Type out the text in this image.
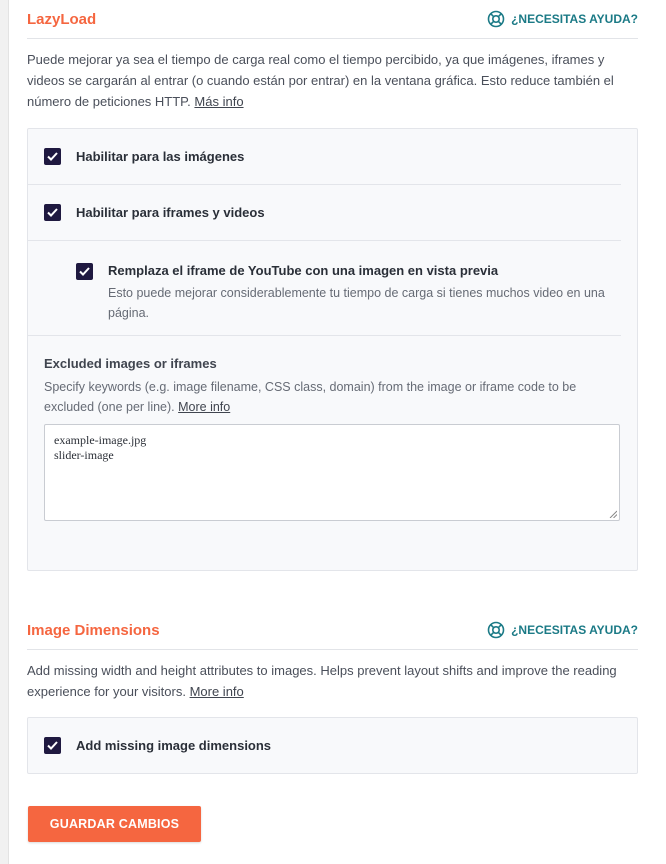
LazyLoad	¿NECESITAS AYUDA?
Puede mejorar ya sea el tiempo de carga real como el tiempo percibido, ya que imágenes, iframes y videos se cargarán al entrar (o cuando están por entrar) en la ventana gráfica. Esto reduce también el número de peticiones HTTP. Más info
Habilitar para las imágenes
Habilitar para iframes y videos
Remplaza el iframe de YouTube con una imagen en vista previa
Esto puede mejorar considerablemente tu tiempo de carga si tienes muchos video en una página.
Excluded images or iframes
Specify keywords (e.g. image filename, CSS class, domain) from the image or iframe code to be excluded (one per line). More info
example-image.jpg
slider-image
Image Dimensions	¿NECESITAS AYUDA?
Add missing width and height attributes to images. Helps prevent layout shifts and improve the reading experience for your visitors. More info
Add missing image dimensions
GUARDAR CAMBIOS
